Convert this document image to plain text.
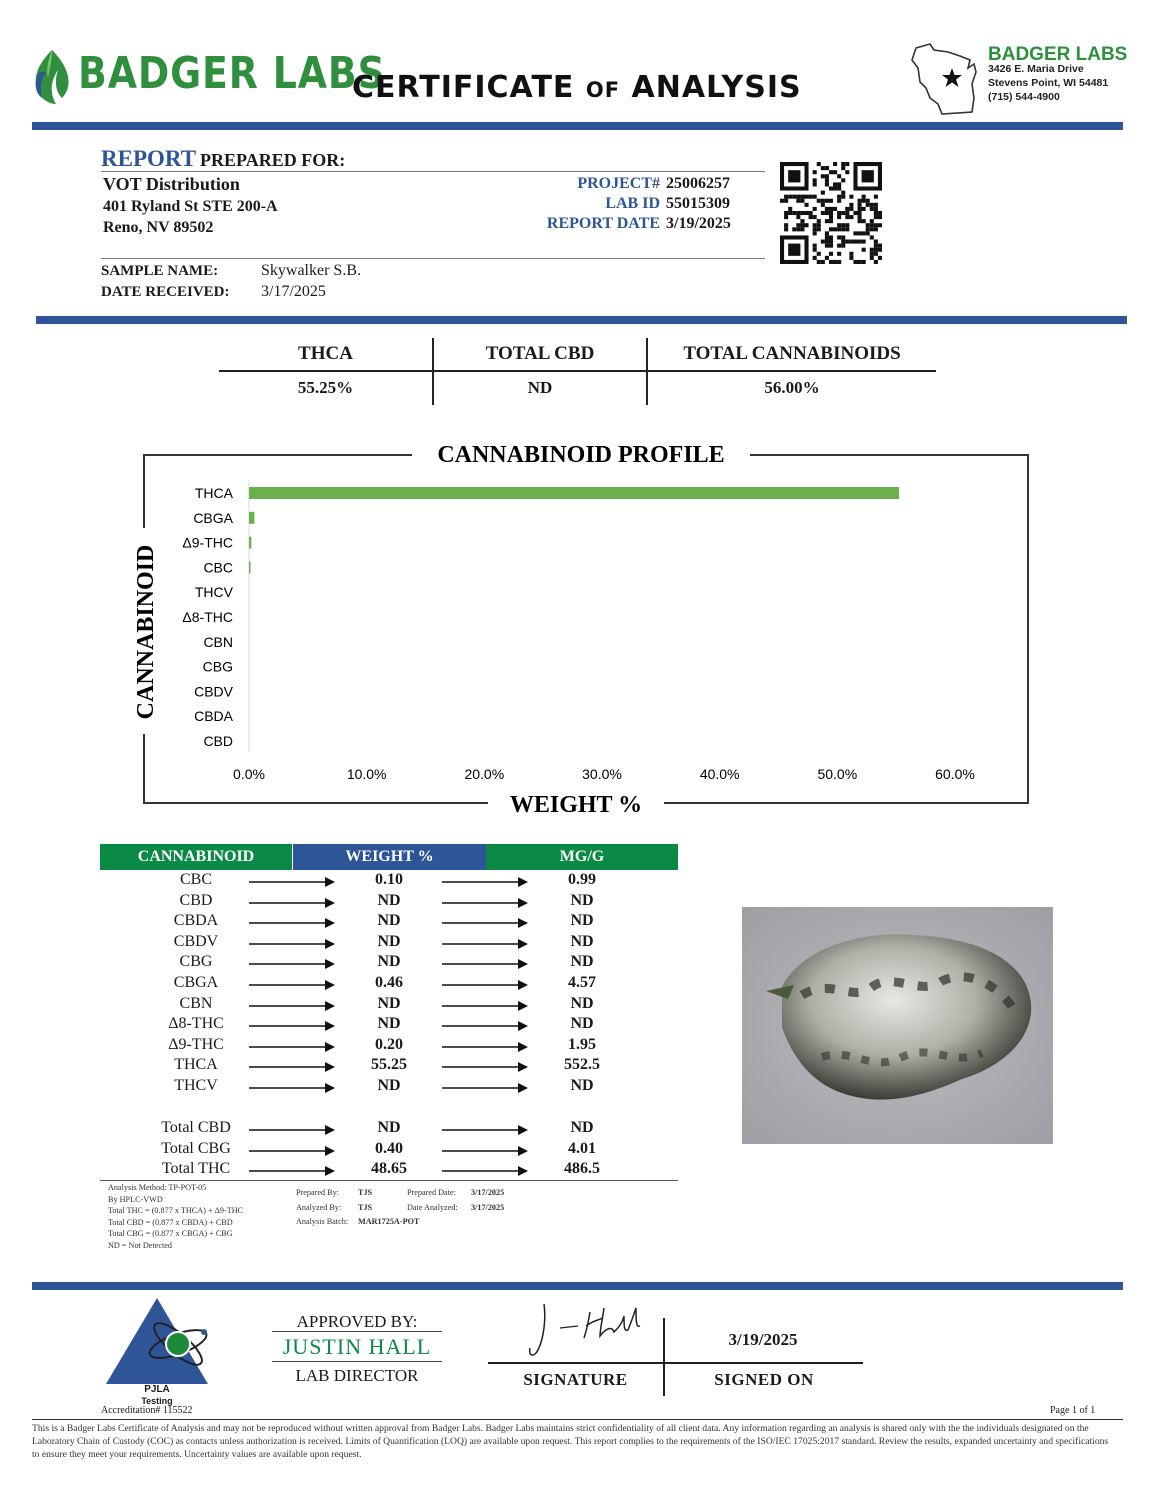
BADGER LABS
CERTIFICATE OF ANALYSIS
BADGER LABS
3426 E. Maria Drive
Stevens Point, WI 54481
(715) 544-4900
REPORT PREPARED FOR:
VOT Distribution
401 Ryland St STE 200-A
Reno, NV 89502
PROJECT# 25006257
LAB ID 55015309
REPORT DATE 3/19/2025
SAMPLE NAME:	Skywalker S.B.
DATE RECEIVED: 3/17/2025
THCA	TOTAL CBD	TOTAL CANNABINOIDS
55.25%	ND	56.00%
CANNABINOID PROFILE
WEIGHT %
CANNABINOID
THCA
CBGA
Δ9-THC
CBC
THCV
Δ8-THC
CBN
CBG
CBDV
CBDA
CBD
0.0%	10.0%	20.0%	30.0%	40.0%	50.0%	60.0%
CANNABINOID	WEIGHT %	MG/G
CBC	0.10	0.99
CBD	ND	ND
CBDA	ND	ND
CBDV	ND	ND
CBG	ND	ND
CBGA	0.46	4.57
CBN	ND	ND
Δ8-THC	ND	ND
Δ9-THC	0.20	1.95
THCA	55.25	552.5
THCV	ND	ND
Total CBD	ND	ND
Total CBG	0.40	4.01
Total THC	48.65	486.5
Analysis Method: TP-POT-05
By HPLC-VWD
Total THC = (0.877 x THCA) + Δ9-THC
Total CBD = (0.877 x CBDA) + CBD
Total CBG = (0.877 x CBGA) + CBG
ND = Not Detected
Prepared By:	TJS
Analyzed By:	TJS
Analysis Batch:	MAR1725A-POT
Prepared Date:	3/17/2025
Date Analyzed:	3/17/2025
PJLA
Testing
Accreditation# 115522
APPROVED BY:
JUSTIN HALL
LAB DIRECTOR
3/19/2025
SIGNATURE	SIGNED ON
Page 1 of 1
This is a Badger Labs Certificate of Analysis and may not be reproduced without written approval from Badger Labs. Badger Labs maintains strict confidentiality of all client data. Any information regarding an analysis is shared only with the the individuals designated on the Laboratory Chain of Custody (COC) as contacts unless authorization is received. Limits of Quantification (LOQ) are available upon request. This report complies to the requirements of the ISO/IEC 17025:2017 standard. Review the results, expanded uncertainty and specifications to ensure they meet your requirements. Uncertainty values are available upon request.
